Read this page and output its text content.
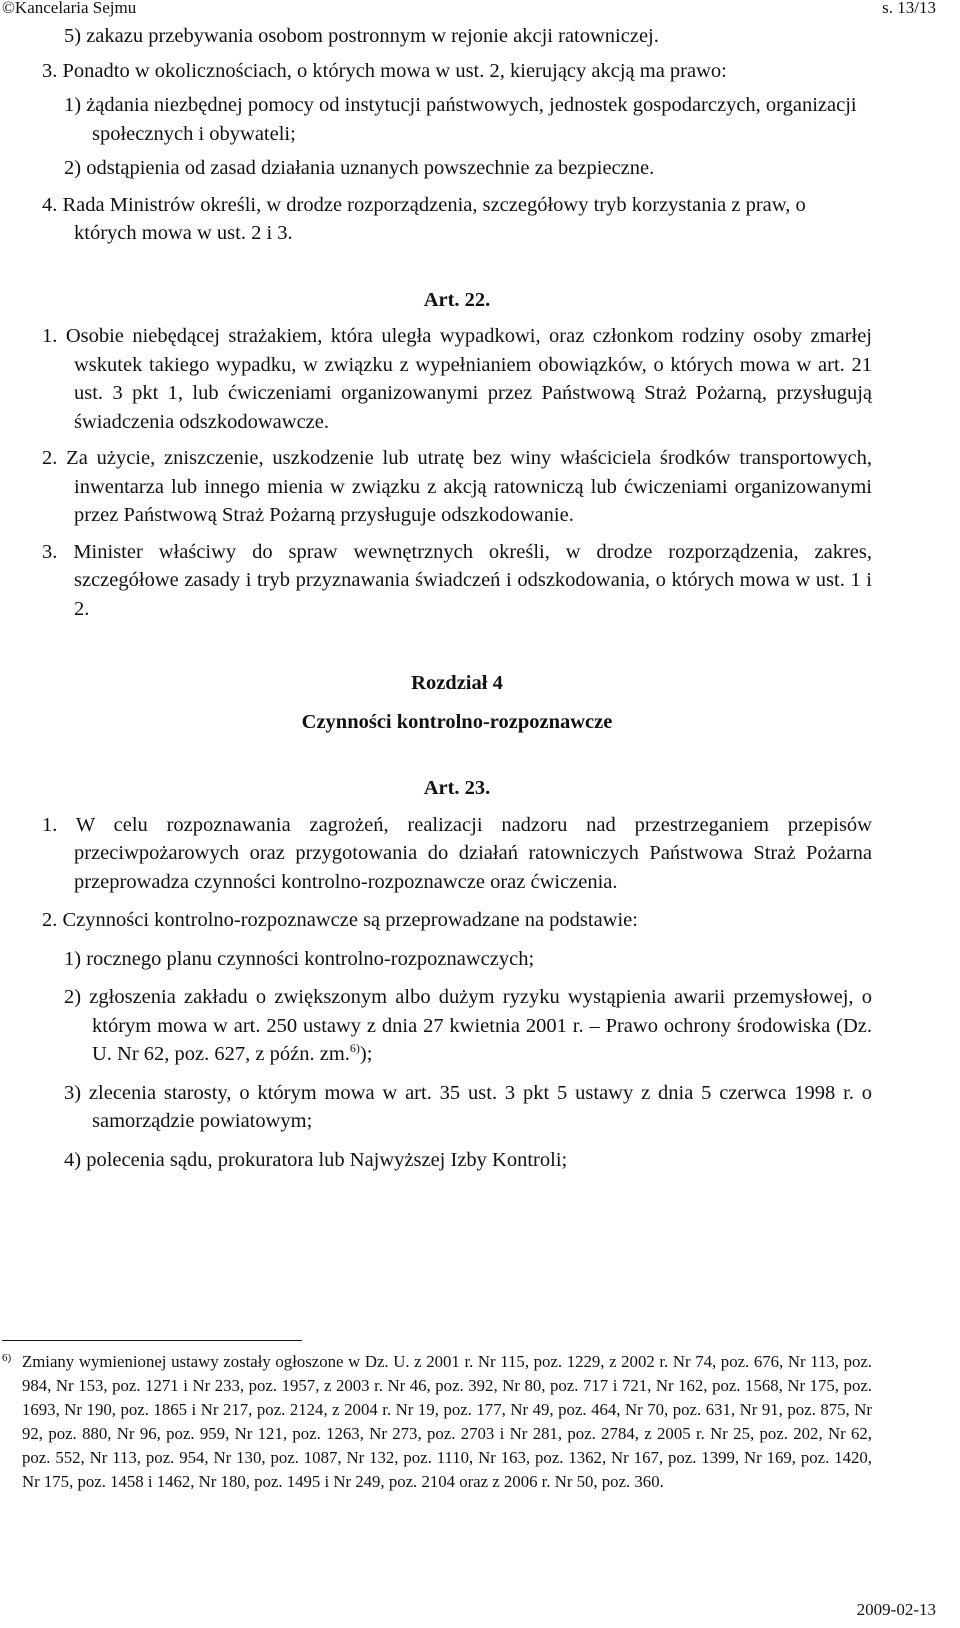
©Kancelaria Sejmu	s. 13/13

5) zakazu przebywania osobom postronnym w rejonie akcji ratowniczej.

3. Ponadto w okolicznościach, o których mowa w ust. 2, kierujący akcją ma prawo:

1) żądania niezbędnej pomocy od instytucji państwowych, jednostek gospodarczych, organizacji społecznych i obywateli;

2) odstąpienia od zasad działania uznanych powszechnie za bezpieczne.

4. Rada Ministrów określi, w drodze rozporządzenia, szczegółowy tryb korzystania z praw, o których mowa w ust. 2 i 3.

Art. 22.

1. Osobie niebędącej strażakiem, która uległa wypadkowi, oraz członkom rodziny osoby zmarłej wskutek takiego wypadku, w związku z wypełnianiem obowiązków, o których mowa w art. 21 ust. 3 pkt 1, lub ćwiczeniami organizowanymi przez Państwową Straż Pożarną, przysługują świadczenia odszkodowawcze.

2. Za użycie, zniszczenie, uszkodzenie lub utratę bez winy właściciela środków transportowych, inwentarza lub innego mienia w związku z akcją ratowniczą lub ćwiczeniami organizowanymi przez Państwową Straż Pożarną przysługuje odszkodowanie.

3. Minister właściwy do spraw wewnętrznych określi, w drodze rozporządzenia, zakres, szczegółowe zasady i tryb przyznawania świadczeń i odszkodowania, o których mowa w ust. 1 i 2.

Rozdział 4

Czynności kontrolno-rozpoznawcze

Art. 23.

1. W celu rozpoznawania zagrożeń, realizacji nadzoru nad przestrzeganiem przepisów przeciwpożarowych oraz przygotowania do działań ratowniczych Państwowa Straż Pożarna przeprowadza czynności kontrolno-rozpoznawcze oraz ćwiczenia.

2. Czynności kontrolno-rozpoznawcze są przeprowadzane na podstawie:

1) rocznego planu czynności kontrolno-rozpoznawczych;

2) zgłoszenia zakładu o zwiększonym albo dużym ryzyku wystąpienia awarii przemysłowej, o którym mowa w art. 250 ustawy z dnia 27 kwietnia 2001 r. – Prawo ochrony środowiska (Dz. U. Nr 62, poz. 627, z późn. zm.$^{6)}$);

3) zlecenia starosty, o którym mowa w art. 35 ust. 3 pkt 5 ustawy z dnia 5 czerwca 1998 r. o samorządzie powiatowym;

4) polecenia sądu, prokuratora lub Najwyższej Izby Kontroli;

6) Zmiany wymienionej ustawy zostały ogłoszone w Dz. U. z 2001 r. Nr 115, poz. 1229, z 2002 r. Nr 74, poz. 676, Nr 113, poz. 984, Nr 153, poz. 1271 i Nr 233, poz. 1957, z 2003 r. Nr 46, poz. 392, Nr 80, poz. 717 i 721, Nr 162, poz. 1568, Nr 175, poz. 1693, Nr 190, poz. 1865 i Nr 217, poz. 2124, z 2004 r. Nr 19, poz. 177, Nr 49, poz. 464, Nr 70, poz. 631, Nr 91, poz. 875, Nr 92, poz. 880, Nr 96, poz. 959, Nr 121, poz. 1263, Nr 273, poz. 2703 i Nr 281, poz. 2784, z 2005 r. Nr 25, poz. 202, Nr 62, poz. 552, Nr 113, poz. 954, Nr 130, poz. 1087, Nr 132, poz. 1110, Nr 163, poz. 1362, Nr 167, poz. 1399, Nr 169, poz. 1420, Nr 175, poz. 1458 i 1462, Nr 180, poz. 1495 i Nr 249, poz. 2104 oraz z 2006 r. Nr 50, poz. 360.
2009-02-13
